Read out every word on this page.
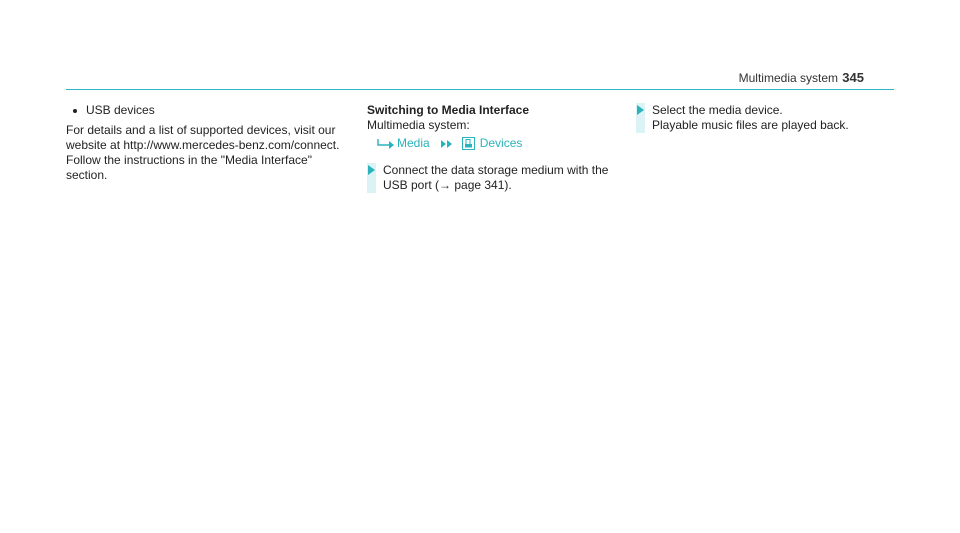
Multimedia system 345
USB devices
For details and a list of supported devices, visit our website at http://www.mercedes-benz.com/connect. Follow the instructions in the "Media Interface" section.
Switching to Media Interface
Multimedia system:
Media	Devices
Connect the data storage medium with the USB port (→ page 341).
Select the media device.
Playable music files are played back.
